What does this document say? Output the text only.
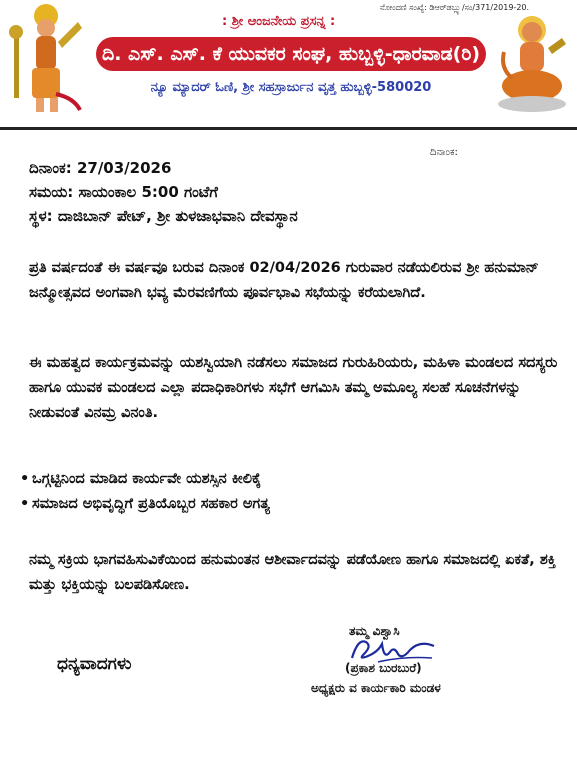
ನೋಂದಣಿ ಸಂಖ್ಯೆ: ಡಿಆರ್‌ಡಬ್ಲ್ಯು/ಸಂ/371/2019-20.
: ಶ್ರೀ ಆಂಜನೇಯ ಪ್ರಸನ್ನ :
ದಿ. ಎಸ್. ಎಸ್. ಕೆ ಯುವಕರ ಸಂಘ, ಹುಬ್ಬಳ್ಳಿ-ಧಾರವಾಡ(ರಿ)
ನ್ಯೂ ಮ್ಯಾದರ್ ಓಣಿ, ಶ್ರೀ ಸಹಸ್ರಾರ್ಜುನ ವೃತ್ತ ಹುಬ್ಬಳ್ಳಿ-580020
ದಿನಾಂಕ:
ದಿನಾಂಕ: 27/03/2026
ಸಮಯ: ಸಾಯಂಕಾಲ 5:00 ಗಂಟೆಗೆ
ಸ್ಥಳ: ದಾಜಿಬಾನ್ ಪೇಟ್, ಶ್ರೀ ತುಳಜಾಭವಾನಿ ದೇವಸ್ಥಾನ

ಪ್ರತಿ ವರ್ಷದಂತೆ ಈ ವರ್ಷವೂ ಬರುವ ದಿನಾಂಕ 02/04/2026 ಗುರುವಾರ ನಡೆಯಲಿರುವ ಶ್ರೀ ಹನುಮಾನ್ ಜನ್ಮೋತ್ಸವದ ಅಂಗವಾಗಿ ಭವ್ಯ ಮೆರವಣಿಗೆಯ ಪೂರ್ವಭಾವಿ ಸಭೆಯನ್ನು ಕರೆಯಲಾಗಿದೆ.

ಈ ಮಹತ್ವದ ಕಾರ್ಯಕ್ರಮವನ್ನು ಯಶಸ್ವಿಯಾಗಿ ನಡೆಸಲು ಸಮಾಜದ ಗುರುಹಿರಿಯರು, ಮಹಿಳಾ ಮಂಡಲದ ಸದಸ್ಯರು ಹಾಗೂ ಯುವಕ ಮಂಡಲದ ಎಲ್ಲಾ ಪದಾಧಿಕಾರಿಗಳು ಸಭೆಗೆ ಆಗಮಿಸಿ ತಮ್ಮ ಅಮೂಲ್ಯ ಸಲಹೆ ಸೂಚನೆಗಳನ್ನು ನೀಡುವಂತೆ ವಿನಮ್ರ ವಿನಂತಿ.

• ಒಗ್ಗಟ್ಟಿನಿಂದ ಮಾಡಿದ ಕಾರ್ಯವೇ ಯಶಸ್ಸಿನ ಕೀಲಿಕೈ
• ಸಮಾಜದ ಅಭಿವೃದ್ಧಿಗೆ ಪ್ರತಿಯೊಬ್ಬರ ಸಹಕಾರ ಅಗತ್ಯ

ನಮ್ಮ ಸಕ್ರಿಯ ಭಾಗವಹಿಸುವಿಕೆಯಿಂದ ಹನುಮಂತನ ಆಶೀರ್ವಾದವನ್ನು ಪಡೆಯೋಣ ಹಾಗೂ ಸಮಾಜದಲ್ಲಿ ಏಕತೆ, ಶಕ್ತಿ ಮತ್ತು ಭಕ್ತಿಯನ್ನು ಬಲಪಡಿಸೋಣ.

ತಮ್ಮ ವಿಶ್ವಾಸಿ
(ಪ್ರಕಾಶ ಬುರಬುರೆ)
ಅಧ್ಯಕ್ಷರು ವ ಕಾರ್ಯಕಾರಿ ಮಂಡಳ
ಧನ್ಯವಾದಗಳು
